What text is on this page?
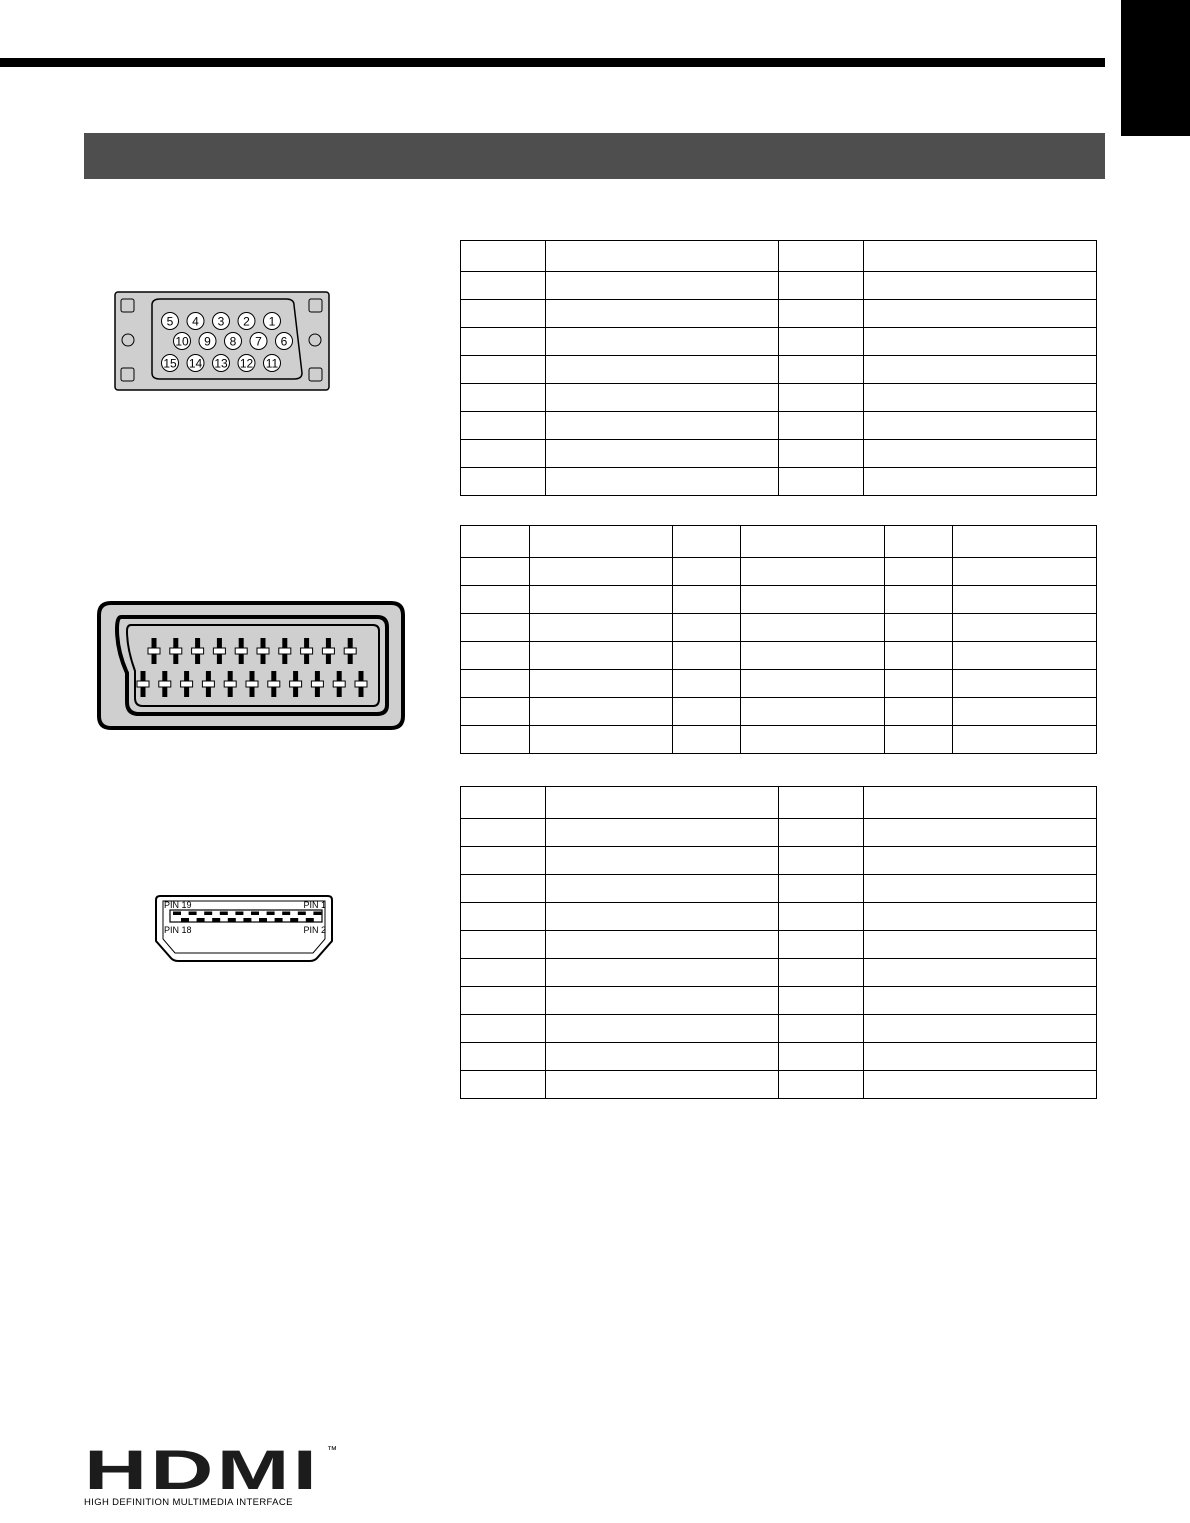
5 4 3 2 1
10 9 8 7 6
15 14 13 12 11

PIN 19	PIN 1
PIN 18	PIN 2

HDMI ™
HIGH DEFINITION MULTIMEDIA INTERFACE
